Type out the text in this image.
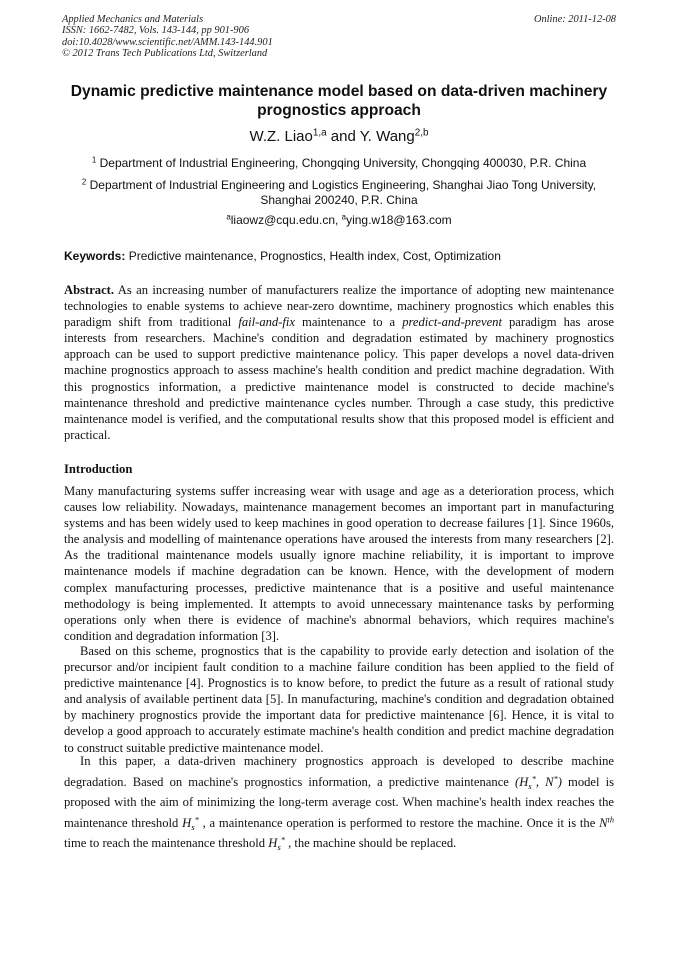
Applied Mechanics and Materials
ISSN: 1662-7482, Vols. 143-144, pp 901-906
doi:10.4028/www.scientific.net/AMM.143-144.901
© 2012 Trans Tech Publications Ltd, Switzerland
Online: 2011-12-08
Dynamic predictive maintenance model based on data-driven machinery prognostics approach
W.Z. Liao$^{1,a}$ and Y. Wang$^{2,b}$
$^1$ Department of Industrial Engineering, Chongqing University, Chongqing 400030, P.R. China
$^2$ Department of Industrial Engineering and Logistics Engineering, Shanghai Jiao Tong University, Shanghai 200240, P.R. China
$^a$liaowz@cqu.edu.cn, $^a$ying.w18@163.com
Keywords: Predictive maintenance, Prognostics, Health index, Cost, Optimization
Abstract. As an increasing number of manufacturers realize the importance of adopting new maintenance technologies to enable systems to achieve near-zero downtime, machinery prognostics which enables this paradigm shift from traditional fail-and-fix maintenance to a predict-and-prevent paradigm has arose interests from researchers. Machine's condition and degradation estimated by machinery prognostics approach can be used to support predictive maintenance policy. This paper develops a novel data-driven machine prognostics approach to assess machine's health condition and predict machine degradation. With this prognostics information, a predictive maintenance model is constructed to decide machine's maintenance threshold and predictive maintenance cycles number. Through a case study, this predictive maintenance model is verified, and the computational results show that this proposed model is efficient and practical.
Introduction
Many manufacturing systems suffer increasing wear with usage and age as a deterioration process, which causes low reliability. Nowadays, maintenance management becomes an important part in manufacturing systems and has been widely used to keep machines in good operation to decrease failures [1]. Since 1960s, the analysis and modelling of maintenance operations have aroused the interests from many researchers [2]. As the traditional maintenance models usually ignore machine reliability, it is important to improve maintenance models if machine degradation can be known. Hence, with the development of modern complex manufacturing processes, predictive maintenance that is a positive and useful maintenance methodology is being implemented. It attempts to avoid unnecessary maintenance tasks by performing operations only when there is evidence of machine's abnormal behaviors, which requires machine's condition and degradation information [3].
Based on this scheme, prognostics that is the capability to provide early detection and isolation of the precursor and/or incipient fault condition to a machine failure condition has been applied to the field of predictive maintenance [4]. Prognostics is to know before, to predict the future as a result of rational study and analysis of available pertinent data [5]. In manufacturing, machine's condition and degradation obtained by machinery prognostics provide the important data for predictive maintenance [6]. Hence, it is vital to develop a good approach to accurately estimate machine's health condition and predict machine degradation to construct suitable predictive maintenance model.
In this paper, a data-driven machinery prognostics approach is developed to describe machine degradation. Based on machine's prognostics information, a predictive maintenance ($H_s^*$, N*) model is proposed with the aim of minimizing the long-term average cost. When machine's health index reaches the maintenance threshold $H_s^*$ , a maintenance operation is performed to restore the machine. Once it is the $N^{th}$ time to reach the maintenance threshold $H_s^*$ , the machine should be replaced.
